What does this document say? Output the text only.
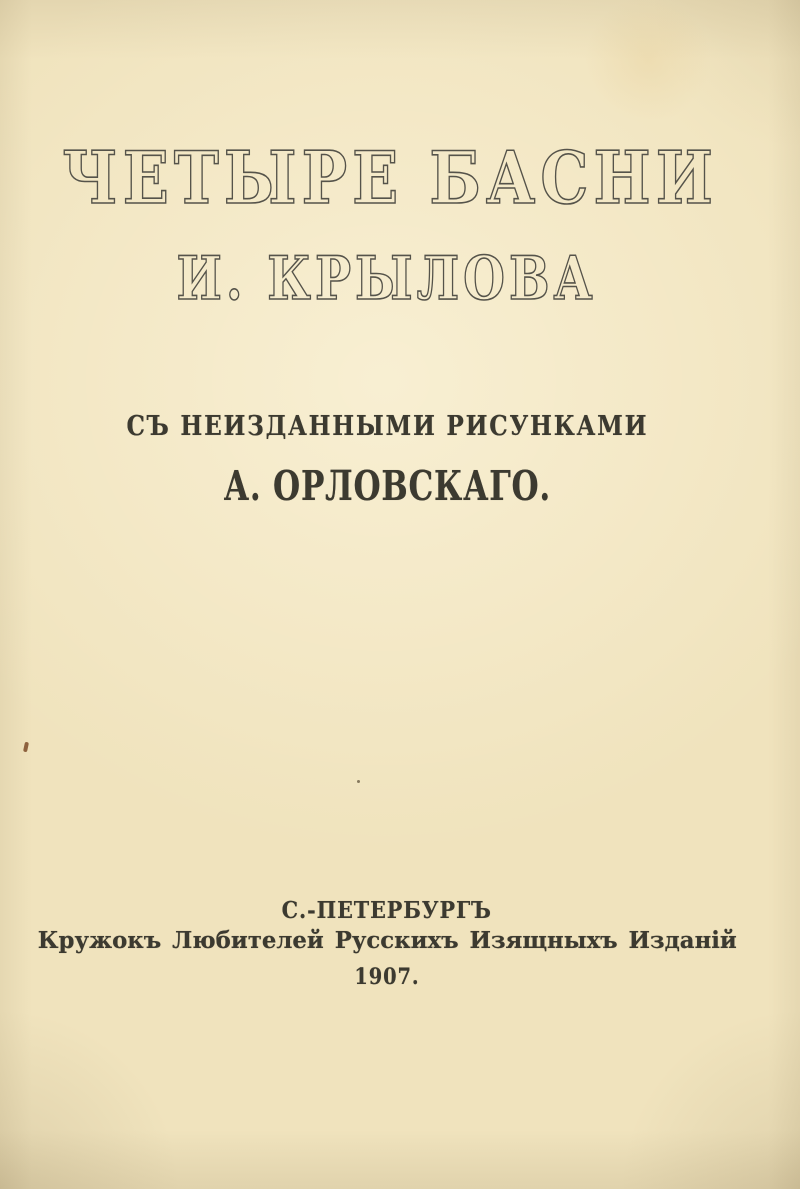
ЧЕТЫРЕ БАСНИ
И. КРЫЛОВА
СЪ НЕИЗДАННЫМИ РИСУНКАМИ
А. ОРЛОВСКАГО.
С.-ПЕТЕРБУРГЪ
Кружокъ Любителей Русскихъ Изящныхъ Изданій
1907.
